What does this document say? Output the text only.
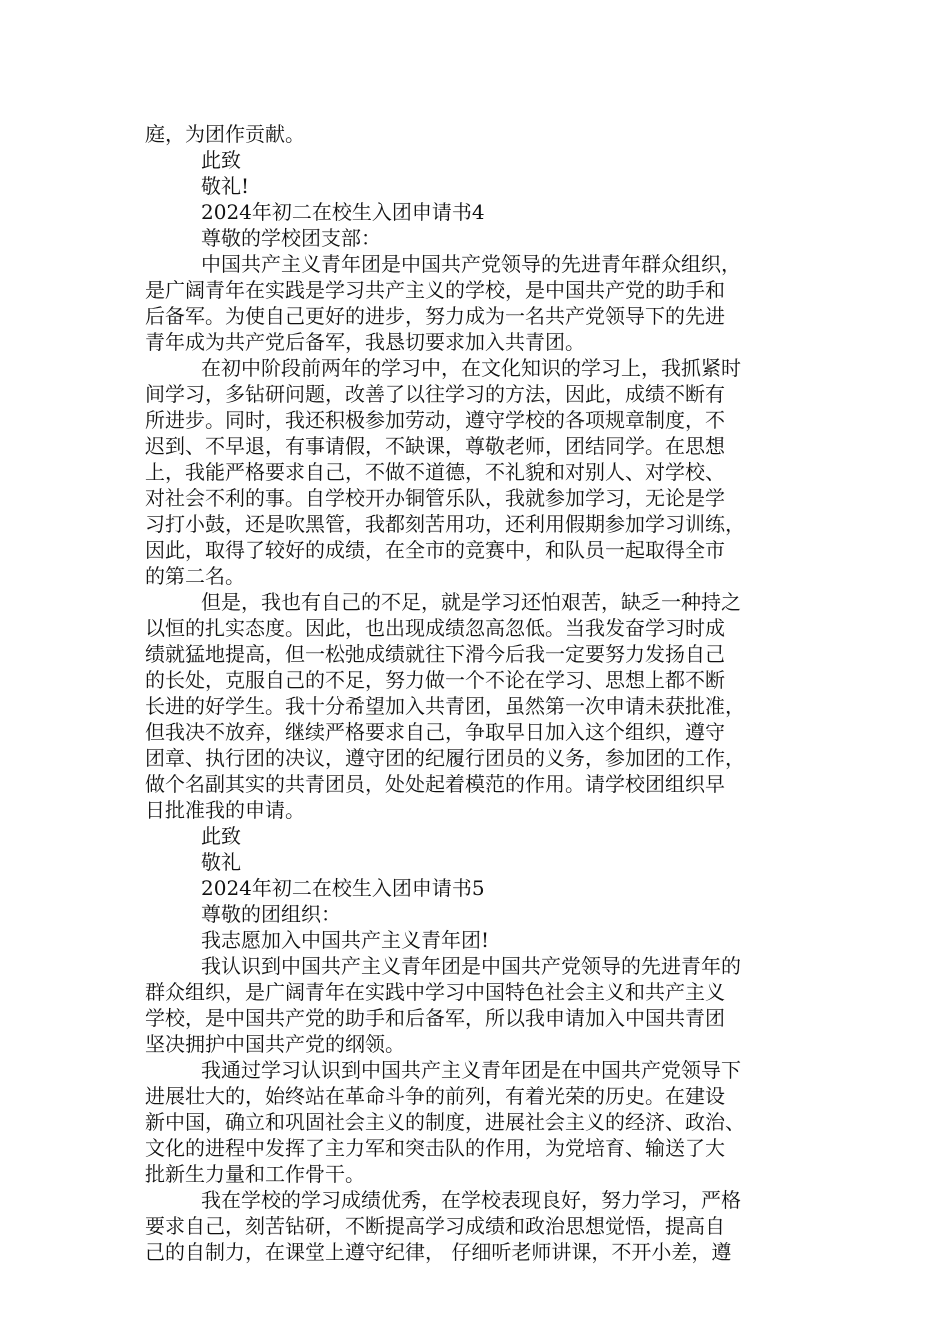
庭，为团作贡献。
此致
敬礼!
2024年初二在校生入团申请书4
尊敬的学校团支部：
中国共产主义青年团是中国共产党领导的先进青年群众组织，
是广阔青年在实践是学习共产主义的学校，是中国共产党的助手和
后备军。为使自己更好的进步，努力成为一名共产党领导下的先进
青年成为共产党后备军，我恳切要求加入共青团。
在初中阶段前两年的学习中，在文化知识的学习上，我抓紧时
间学习，多钻研问题，改善了以往学习的方法，因此，成绩不断有
所进步。同时，我还积极参加劳动，遵守学校的各项规章制度，不
迟到、不早退，有事请假，不缺课，尊敬老师，团结同学。在思想
上，我能严格要求自己，不做不道德，不礼貌和对别人、对学校、
对社会不利的事。自学校开办铜管乐队，我就参加学习，无论是学
习打小鼓，还是吹黑管，我都刻苦用功，还利用假期参加学习训练，
因此，取得了较好的成绩，在全市的竞赛中，和队员一起取得全市
的第二名。
但是，我也有自己的不足，就是学习还怕艰苦，缺乏一种持之
以恒的扎实态度。因此，也出现成绩忽高忽低。当我发奋学习时成
绩就猛地提高，但一松弛成绩就往下滑今后我一定要努力发扬自己
的长处，克服自己的不足，努力做一个不论在学习、思想上都不断
长进的好学生。我十分希望加入共青团，虽然第一次申请未获批准，
但我决不放弃，继续严格要求自己，争取早日加入这个组织，遵守
团章、执行团的决议，遵守团的纪履行团员的义务，参加团的工作，
做个名副其实的共青团员，处处起着模范的作用。请学校团组织早
日批准我的申请。
此致
敬礼
2024年初二在校生入团申请书5
尊敬的团组织：
我志愿加入中国共产主义青年团!
我认识到中国共产主义青年团是中国共产党领导的先进青年的
群众组织，是广阔青年在实践中学习中国特色社会主义和共产主义
学校，是中国共产党的助手和后备军，所以我申请加入中国共青团
坚决拥护中国共产党的纲领。
我通过学习认识到中国共产主义青年团是在中国共产党领导下
进展壮大的，始终站在革命斗争的前列，有着光荣的历史。在建设
新中国，确立和巩固社会主义的制度，进展社会主义的经济、政治、
文化的进程中发挥了主力军和突击队的作用，为党培育、输送了大
批新生力量和工作骨干。
我在学校的学习成绩优秀，在学校表现良好，努力学习，严格
要求自己，刻苦钻研，不断提高学习成绩和政治思想觉悟，提高自
己的自制力，在课堂上遵守纪律， 仔细听老师讲课，不开小差，遵
